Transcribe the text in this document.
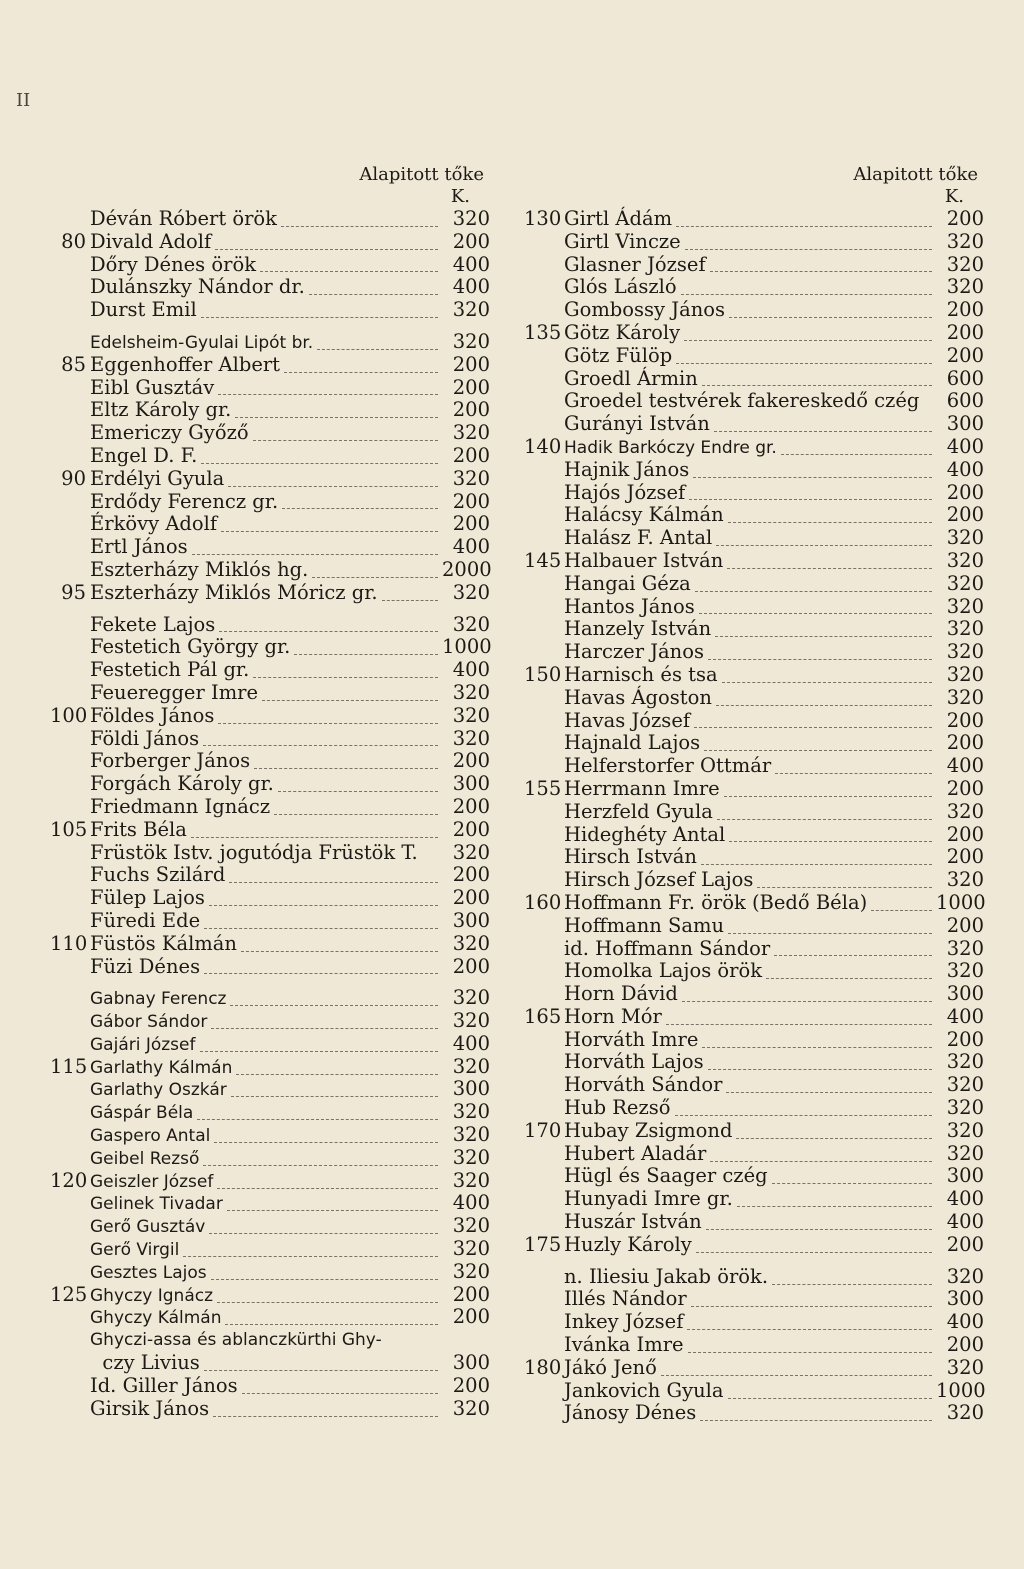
II
Alapitott tőke
K.
Déván Róbert örök	320
80 Divald Adolf	200
Dőry Dénes örök	400
Dulánszky Nándor dr.	400
Durst Emil	320
Edelsheim-Gyulai Lipót br.	320
85 Eggenhoffer Albert	200
Eibl Gusztáv	200
Eltz Károly gr.	200
Emericzy Győző	320
Engel D. F.	200
90 Erdélyi Gyula	320
Erdődy Ferencz gr.	200
Érkövy Adolf	200
Ertl János	400
Eszterházy Miklós hg.	2000
95 Eszterházy Miklós Móricz gr.	320
Fekete Lajos	320
Festetich György gr.	1000
Festetich Pál gr.	400
Feueregger Imre	320
100 Földes János	320
Földi János	320
Forberger János	200
Forgách Károly gr.	300
Friedmann Ignácz	200
105 Frits Béla	200
Früstök Istv. jogutódja Früstök T.	320
Fuchs Szilárd	200
Fülep Lajos	200
Füredi Ede	300
110 Füstös Kálmán	320
Füzi Dénes	200
Gabnay Ferencz	320
Gábor Sándor	320
Gajári József	400
115 Garlathy Kálmán	320
Garlathy Oszkár	300
Gáspár Béla	320
Gaspero Antal	320
Geibel Rezső	320
120 Geiszler József	320
Gelinek Tivadar	400
Gerő Gusztáv	320
Gerő Virgil	320
Gesztes Lajos	320
125 Ghyczy Ignácz	200
Ghyczy Kálmán	200
Ghyczi-assa és ablanczkürthi Ghy-
czy Livius	300
Id. Giller János	200
Girsik János	320
Alapitott tőke
K.
130 Girtl Ádám	200
Girtl Vincze	320
Glasner József	320
Glós László	320
Gombossy János	200
135 Götz Károly	200
Götz Fülöp	200
Groedl Ármin	600
Groedel testvérek fakereskedő czég	600
Gurányi István	300
140 Hadik Barkóczy Endre gr.	400
Hajnik János	400
Hajós József	200
Halácsy Kálmán	200
Halász F. Antal	320
145 Halbauer István	320
Hangai Géza	320
Hantos János	320
Hanzely István	320
Harczer János	320
150 Harnisch és tsa	320
Havas Ágoston	320
Havas József	200
Hajnald Lajos	200
Helferstorfer Ottmár	400
155 Herrmann Imre	200
Herzfeld Gyula	320
Hideghéty Antal	200
Hirsch István	200
Hirsch József Lajos	320
160 Hoffmann Fr. örök (Bedő Béla)	1000
Hoffmann Samu	200
id. Hoffmann Sándor	320
Homolka Lajos örök	320
Horn Dávid	300
165 Horn Mór	400
Horváth Imre	200
Horváth Lajos	320
Horváth Sándor	320
Hub Rezső	320
170 Hubay Zsigmond	320
Hubert Aladár	320
Hügl és Saager czég	300
Hunyadi Imre gr.	400
Huszár István	400
175 Huzly Károly	200
n. Iliesiu Jakab örök.	320
Illés Nándor	300
Inkey József	400
Ivánka Imre	200
180 Jákó Jenő	320
Jankovich Gyula	1000
Jánosy Dénes	320
